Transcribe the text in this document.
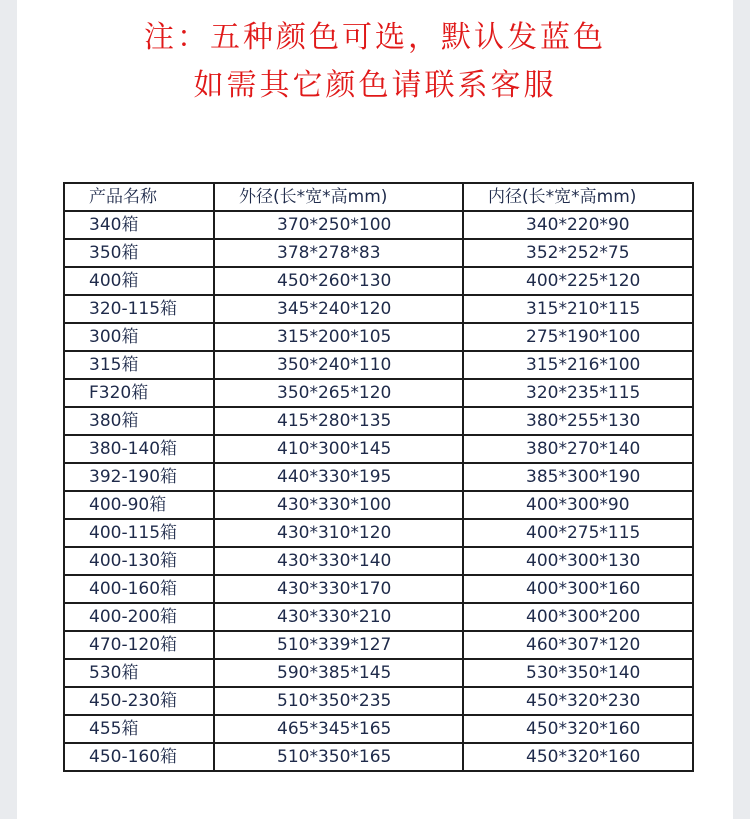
注：五种颜色可选，默认发蓝色
如需其它颜色请联系客服
产品名称	外径(长*宽*高mm)	内径(长*宽*高mm)
340箱	370*250*100	340*220*90
350箱	378*278*83	352*252*75
400箱	450*260*130	400*225*120
320-115箱	345*240*120	315*210*115
300箱	315*200*105	275*190*100
315箱	350*240*110	315*216*100
F320箱	350*265*120	320*235*115
380箱	415*280*135	380*255*130
380-140箱	410*300*145	380*270*140
392-190箱	440*330*195	385*300*190
400-90箱	430*330*100	400*300*90
400-115箱	430*310*120	400*275*115
400-130箱	430*330*140	400*300*130
400-160箱	430*330*170	400*300*160
400-200箱	430*330*210	400*300*200
470-120箱	510*339*127	460*307*120
530箱	590*385*145	530*350*140
450-230箱	510*350*235	450*320*230
455箱	465*345*165	450*320*160
450-160箱	510*350*165	450*320*160
